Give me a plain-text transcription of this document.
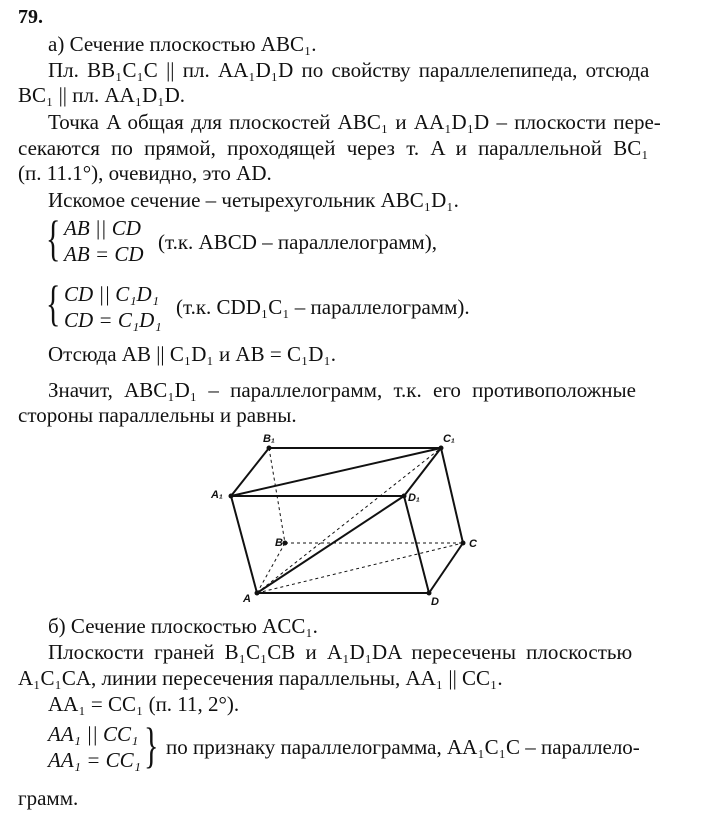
79.
а) Сечение плоскостью ABC₁.
Пл. BB₁C₁C || пл. AA₁D₁D по свойству параллелепипеда, отсюда
BC₁ || пл. AA₁D₁D.
Точка A общая для плоскостей ABC₁ и AA₁D₁D – плоскости пере-
секаются по прямой, проходящей через т. A и параллельной BC₁
(п. 11.1°), очевидно, это AD.
Искомое сечение – четырехугольник ABC₁D₁.
{ AB || CD
AB = CD (т.к. ABCD – параллелограмм),
{ CD || C₁D₁
CD = C₁D₁
(т.к. CDD₁C₁ – параллелограмм).
Отсюда AB || C₁D₁ и AB = C₁D₁.
Значит, ABC₁D₁ – параллелограмм, т.к. его противоположные
стороны параллельны и равны.
B₁	C₁
A₁	D₁
B	C
A	D
б) Сечение плоскостью ACC₁.
Плоскости граней B₁C₁CB и A₁D₁DA пересечены плоскостью
A₁C₁CA, линии пересечения параллельны, AA₁ || CC₁.
AA₁ = CC₁ (п. 11, 2°).
AA₁ || CC₁
AA₁ = CC₁ } по признаку параллелограмма, AA₁C₁C – параллело-
грамм.
